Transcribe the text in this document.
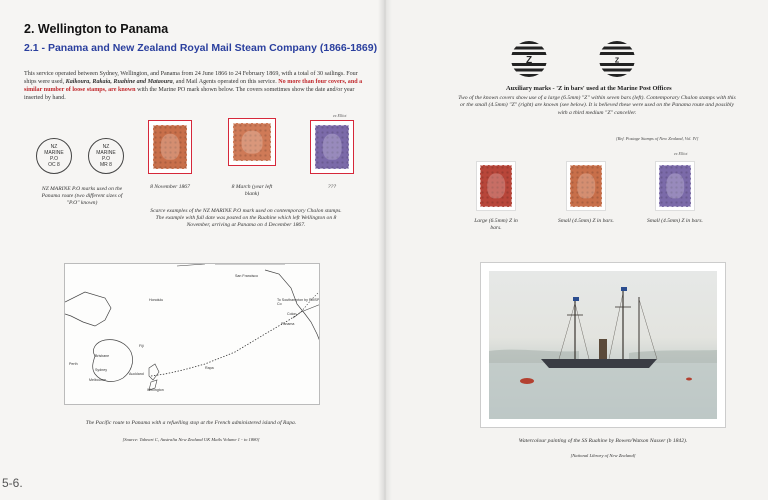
2. Wellington to Panama
2.1 - Panama and New Zealand Royal Mail Steam Company (1866-1869)
This service operated between Sydney, Wellington, and Panama from 24 June 1866 to 24 February 1869, with a total of 30 sailings. Four ships were used, Kaikoura, Rakaia, Ruahine and Mataoura, and Mail Agents operated on this service. No more than four covers, and a similar number of loose stamps, are known with the Marine PO mark shown below. The covers sometimes show the date and/or year inserted by hand.
NZ
MARINE
P.O
OC 8
NZ
MARINE
P.O
MR 8
NZ MARINE P.O marks used on the Panama route (two different sizes of "P.O" known)
ex Elliot
8 November 1867	8 March (year left blank)
???
Scarce examples of the NZ MARINE P.O mark used on contemporary Chalon stamps. The example with full date was posted on the Ruahine which left Wellington on 8 November, arriving at Panama on 4 December 1867.
San Francisco
Honolulu	To Southampton by RMSP Co
Colon
Panama
Fiji
Brisbane
Perth
Sydney
Melbourne
Auckland
Wellington
Rapa
The Pacific route to Panama with a refuelling stop at the French administered island of Rapa.
[Source: Tabeart C, Australia New Zealand UK Mails Volume 1 - to 1880]
5-6.
Z	Z
Auxiliary marks - 'Z in bars' used at the Marine Post Offices
Two of the known covers show use of a large (6.5mm) "Z" within seven bars (left). Contemporary Chalon stamps with this or the small (4.5mm) "Z" (right) are known (see below). It is believed these were used on the Panama route and possibly with a third medium "Z" canceller.
[Ref. Postage Stamps of New Zealand, Vol. IV]
ex Elliot
Large (6.5mm) Z in bars.
Small (4.5mm) Z in bars.	Small (4.5mm) Z in bars.
Watercolour painting of the SS Ruahine by Bowen/Watson Nasser (b 1842).
[National Library of New Zealand]
